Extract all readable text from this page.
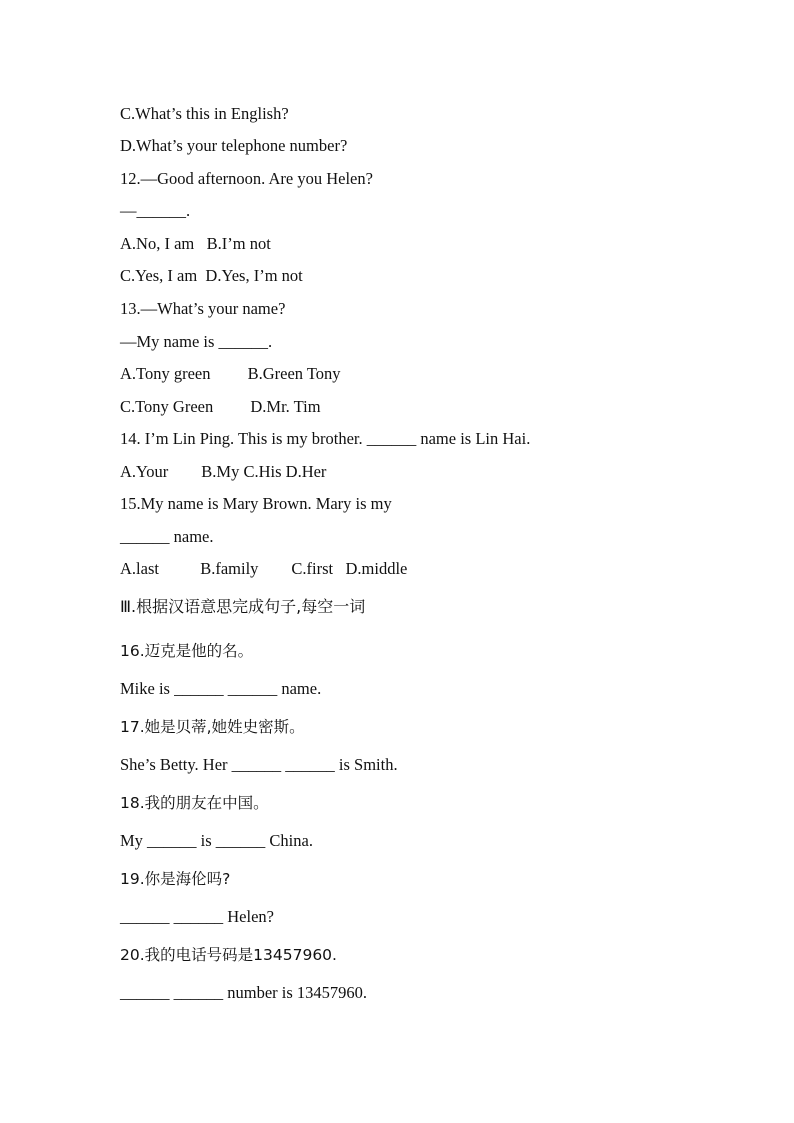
C.What’s this in English?
D.What’s your telephone number?
12.—Good afternoon. Are you Helen?
—______.
A.No, I am   B.I’m not
C.Yes, I am  D.Yes, I’m not
13.—What’s your name?
—My name is ______.
A.Tony green         B.Green Tony
C.Tony Green         D.Mr. Tim
14. I’m Lin Ping. This is my brother. ______ name is Lin Hai.
A.Your        B.My C.His D.Her
15.My name is Mary Brown. Mary is my
______ name.
A.last          B.family        C.first   D.middle
Ⅲ.根据汉语意思完成句子,每空一词
16.迈克是他的名。
Mike is ______ ______ name.
17.她是贝蒂,她姓史密斯。
She’s Betty. Her ______ ______ is Smith.
18.我的朋友在中国。
My ______ is ______ China.
19.你是海伦吗?
______ ______ Helen?
20.我的电话号码是13457960.
______ ______ number is 13457960.
